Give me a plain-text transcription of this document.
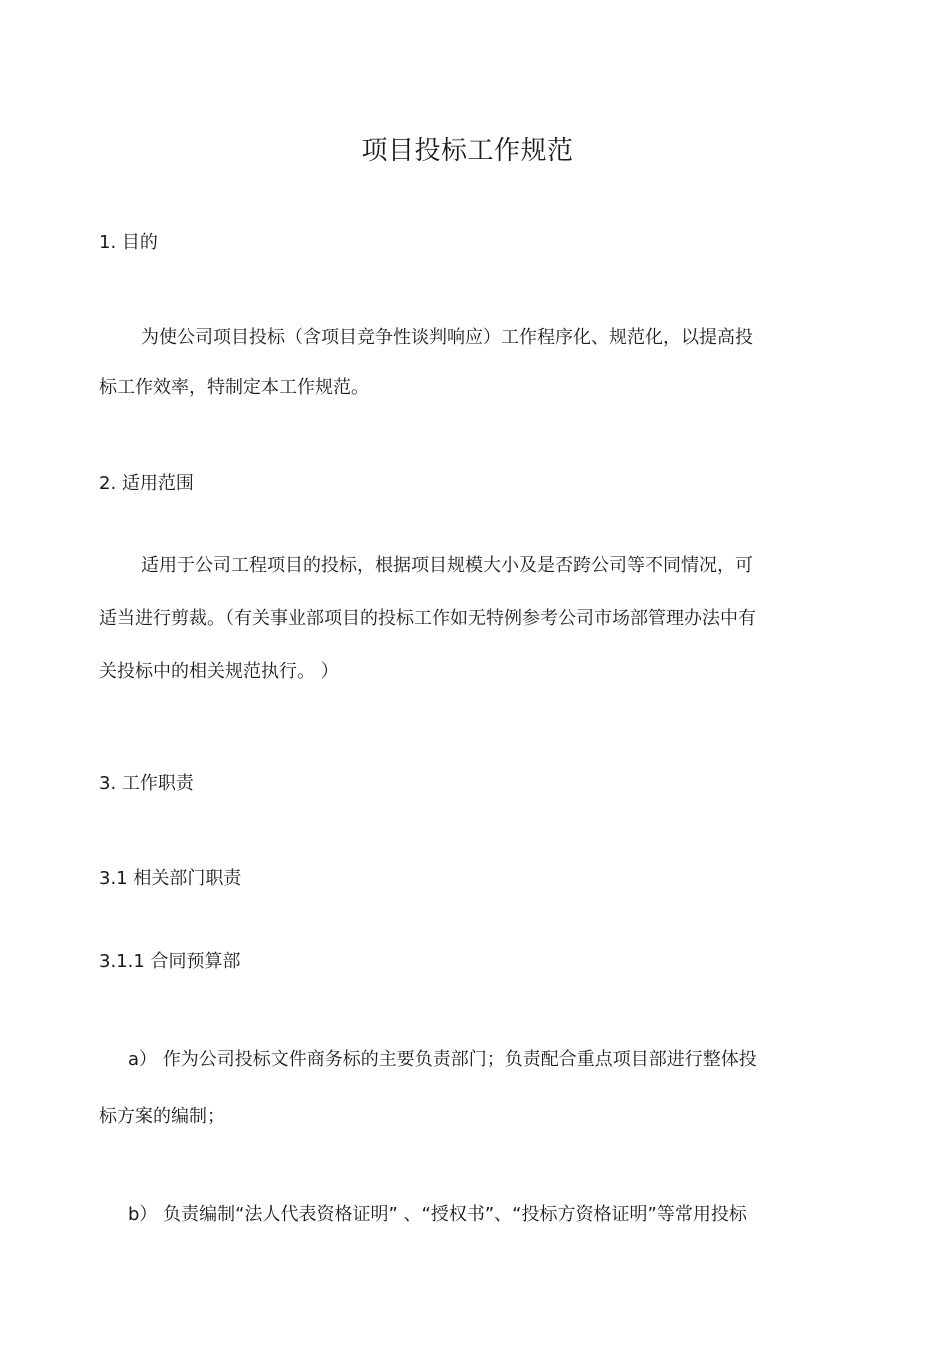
项目投标工作规范
1. 目的
为使公司项目投标（含项目竞争性谈判响应）工作程序化、规范化，以提高投
标工作效率，特制定本工作规范。
2. 适用范围
适用于公司工程项目的投标，根据项目规模大小及是否跨公司等不同情况，可
适当进行剪裁。（有关事业部项目的投标工作如无特例参考公司市场部管理办法中有
关投标中的相关规范执行。 ）
3. 工作职责
3.1 相关部门职责
3.1.1 合同预算部
a） 作为公司投标文件商务标的主要负责部门；负责配合重点项目部进行整体投
标方案的编制；
b） 负责编制“法人代表资格证明” 、“授权书”、“投标方资格证明”等常用投标
